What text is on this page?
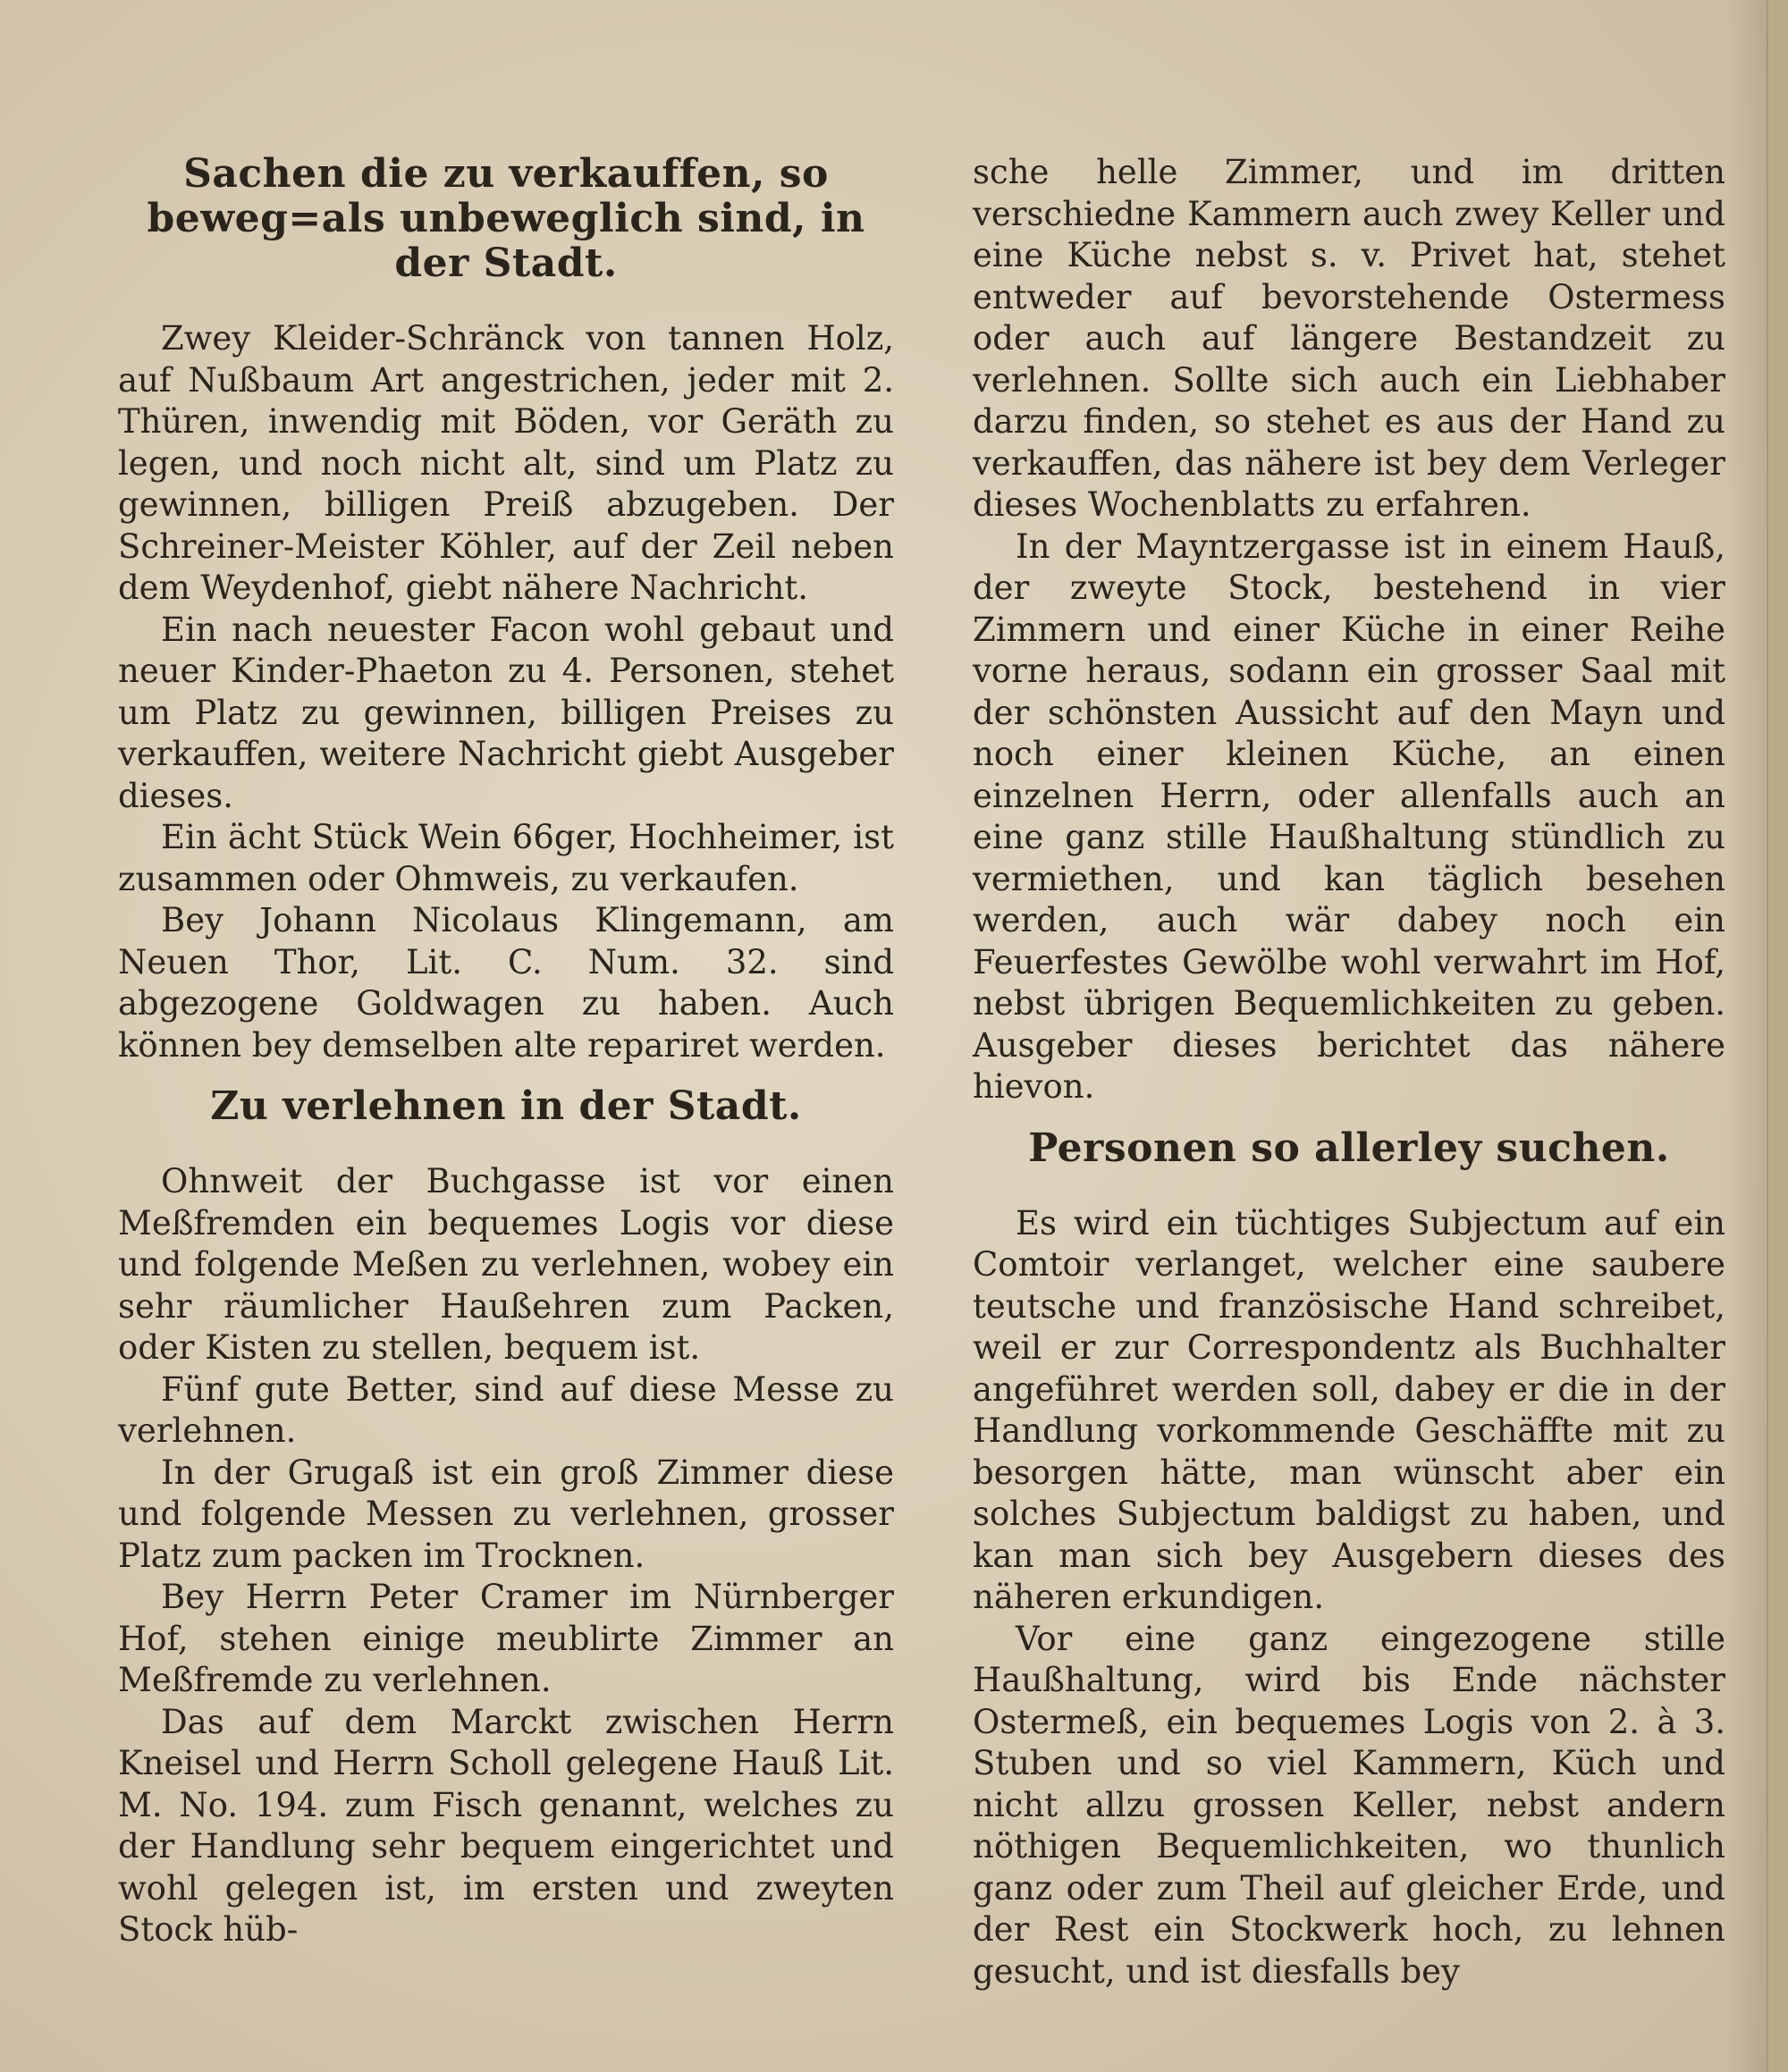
Sachen die zu verkauffen, so beweg=als unbeweglich sind, in der Stadt.

Zwey Kleider-Schränck von tannen Holz, auf Nußbaum Art angestrichen, jeder mit 2. Thüren, inwendig mit Böden, vor Geräth zu legen, und noch nicht alt, sind um Platz zu gewinnen, billigen Preiß abzugeben. Der Schreiner-Meister Köhler, auf der Zeil neben dem Weydenhof, giebt nähere Nachricht.

Ein nach neuester Facon wohl gebaut und neuer Kinder-Phaeton zu 4. Personen, stehet um Platz zu gewinnen, billigen Preises zu verkauffen, weitere Nachricht giebt Ausgeber dieses.

Ein ächt Stück Wein 66ger, Hochheimer, ist zusammen oder Ohmweis, zu verkaufen.

Bey Johann Nicolaus Klingemann, am Neuen Thor, Lit. C. Num. 32. sind abgezogene Goldwagen zu haben. Auch können bey demselben alte repariret werden.

Zu verlehnen in der Stadt.

Ohnweit der Buchgasse ist vor einen Meßfremden ein bequemes Logis vor diese und folgende Meßen zu verlehnen, wobey ein sehr räumlicher Haußehren zum Packen, oder Kisten zu stellen, bequem ist.

Fünf gute Better, sind auf diese Messe zu verlehnen.

In der Grugaß ist ein groß Zimmer diese und folgende Messen zu verlehnen, grosser Platz zum packen im Trocknen.

Bey Herrn Peter Cramer im Nürnberger Hof, stehen einige meublirte Zimmer an Meßfremde zu verlehnen.

Das auf dem Marckt zwischen Herrn Kneisel und Herrn Scholl gelegene Hauß Lit. M. No. 194. zum Fisch genannt, welches zu der Handlung sehr bequem eingerichtet und wohl gelegen ist, im ersten und zweyten Stock hüb-

sche helle Zimmer, und im dritten verschiedne Kammern auch zwey Keller und eine Küche nebst s. v. Privet hat, stehet entweder auf bevorstehende Ostermess oder auch auf längere Bestandzeit zu verlehnen. Sollte sich auch ein Liebhaber darzu finden, so stehet es aus der Hand zu verkauffen, das nähere ist bey dem Verleger dieses Wochenblatts zu erfahren.

In der Mayntzergasse ist in einem Hauß, der zweyte Stock, bestehend in vier Zimmern und einer Küche in einer Reihe vorne heraus, sodann ein grosser Saal mit der schönsten Aussicht auf den Mayn und noch einer kleinen Küche, an einen einzelnen Herrn, oder allenfalls auch an eine ganz stille Haußhaltung stündlich zu vermiethen, und kan täglich besehen werden, auch wär dabey noch ein Feuerfestes Gewölbe wohl verwahrt im Hof, nebst übrigen Bequemlichkeiten zu geben. Ausgeber dieses berichtet das nähere hievon.

Personen so allerley suchen.

Es wird ein tüchtiges Subjectum auf ein Comtoir verlanget, welcher eine saubere teutsche und französische Hand schreibet, weil er zur Correspondentz als Buchhalter angeführet werden soll, dabey er die in der Handlung vorkommende Geschäffte mit zu besorgen hätte, man wünscht aber ein solches Subjectum baldigst zu haben, und kan man sich bey Ausgebern dieses des näheren erkundigen.

Vor eine ganz eingezogene stille Haußhaltung, wird bis Ende nächster Ostermeß, ein bequemes Logis von 2. à 3. Stuben und so viel Kammern, Küch und nicht allzu grossen Keller, nebst andern nöthigen Bequemlichkeiten, wo thunlich ganz oder zum Theil auf gleicher Erde, und der Rest ein Stockwerk hoch, zu lehnen gesucht, und ist diesfalls bey
